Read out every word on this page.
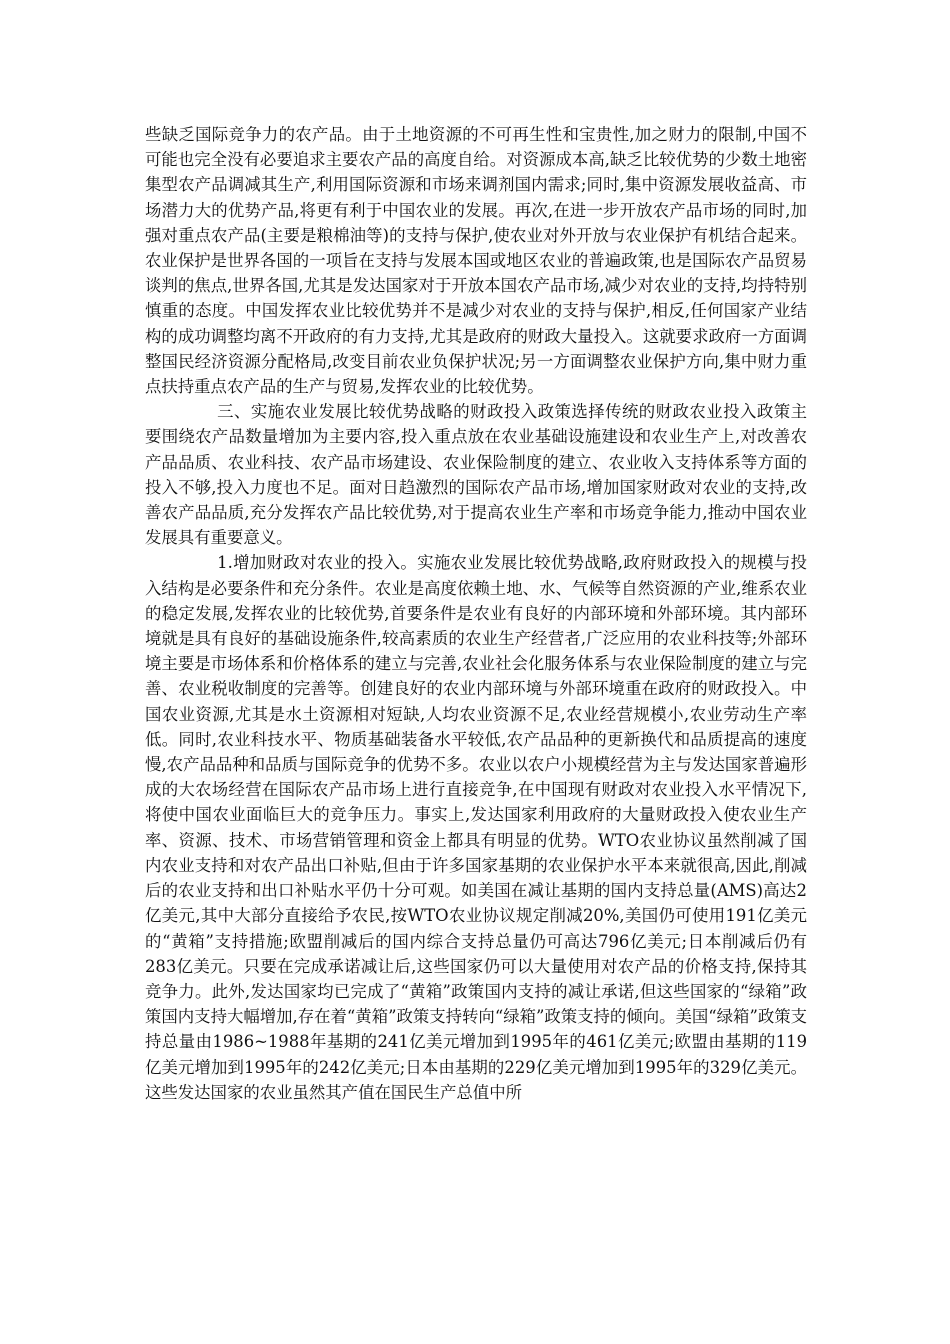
些缺乏国际竞争力的农产品。由于土地资源的不可再生性和宝贵性,加之财力的限制,中国不可能也完全没有必要追求主要农产品的高度自给。对资源成本高,缺乏比较优势的少数土地密集型农产品调减其生产,利用国际资源和市场来调剂国内需求;同时,集中资源发展收益高、市场潜力大的优势产品,将更有利于中国农业的发展。再次,在进一步开放农产品市场的同时,加强对重点农产品(主要是粮棉油等)的支持与保护,使农业对外开放与农业保护有机结合起来。农业保护是世界各国的一项旨在支持与发展本国或地区农业的普遍政策,也是国际农产品贸易谈判的焦点,世界各国,尤其是发达国家对于开放本国农产品市场,减少对农业的支持,均持特别慎重的态度。中国发挥农业比较优势并不是减少对农业的支持与保护,相反,任何国家产业结构的成功调整均离不开政府的有力支持,尤其是政府的财政大量投入。这就要求政府一方面调整国民经济资源分配格局,改变目前农业负保护状况;另一方面调整农业保护方向,集中财力重点扶持重点农产品的生产与贸易,发挥农业的比较优势。

三、实施农业发展比较优势战略的财政投入政策选择传统的财政农业投入政策主要围绕农产品数量增加为主要内容,投入重点放在农业基础设施建设和农业生产上,对改善农产品品质、农业科技、农产品市场建设、农业保险制度的建立、农业收入支持体系等方面的投入不够,投入力度也不足。面对日趋激烈的国际农产品市场,增加国家财政对农业的支持,改善农产品品质,充分发挥农产品比较优势,对于提高农业生产率和市场竞争能力,推动中国农业发展具有重要意义。

1.增加财政对农业的投入。实施农业发展比较优势战略,政府财政投入的规模与投入结构是必要条件和充分条件。农业是高度依赖土地、水、气候等自然资源的产业,维系农业的稳定发展,发挥农业的比较优势,首要条件是农业有良好的内部环境和外部环境。其内部环境就是具有良好的基础设施条件,较高素质的农业生产经营者,广泛应用的农业科技等;外部环境主要是市场体系和价格体系的建立与完善,农业社会化服务体系与农业保险制度的建立与完善、农业税收制度的完善等。创建良好的农业内部环境与外部环境重在政府的财政投入。中国农业资源,尤其是水土资源相对短缺,人均农业资源不足,农业经营规模小,农业劳动生产率低。同时,农业科技水平、物质基础装备水平较低,农产品品种的更新换代和品质提高的速度慢,农产品品种和品质与国际竞争的优势不多。农业以农户小规模经营为主与发达国家普遍形成的大农场经营在国际农产品市场上进行直接竞争,在中国现有财政对农业投入水平情况下,将使中国农业面临巨大的竞争压力。事实上,发达国家利用政府的大量财政投入使农业生产率、资源、技术、市场营销管理和资金上都具有明显的优势。WTO农业协议虽然削减了国内农业支持和对农产品出口补贴,但由于许多国家基期的农业保护水平本来就很高,因此,削减后的农业支持和出口补贴水平仍十分可观。如美国在减让基期的国内支持总量(AMS)高达2亿美元,其中大部分直接给予农民,按WTO农业协议规定削减20%,美国仍可使用191亿美元的“黄箱”支持措施;欧盟削减后的国内综合支持总量仍可高达796亿美元;日本削减后仍有283亿美元。只要在完成承诺减让后,这些国家仍可以大量使用对农产品的价格支持,保持其竞争力。此外,发达国家均已完成了“黄箱”政策国内支持的减让承诺,但这些国家的“绿箱”政策国内支持大幅增加,存在着“黄箱”政策支持转向“绿箱”政策支持的倾向。美国“绿箱”政策支持总量由1986~1988年基期的241亿美元增加到1995年的461亿美元;欧盟由基期的119亿美元增加到1995年的242亿美元;日本由基期的229亿美元增加到1995年的329亿美元。这些发达国家的农业虽然其产值在国民生产总值中所
